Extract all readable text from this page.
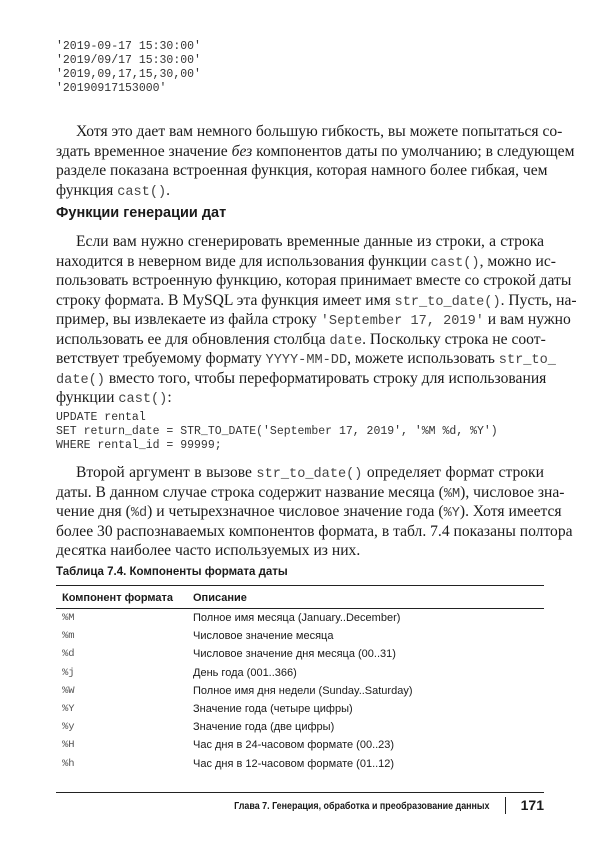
'2019-09-17 15:30:00'
'2019/09/17 15:30:00'
'2019,09,17,15,30,00'
'20190917153000'
Хотя это дает вам немного большую гибкость, вы можете попытаться со-
здать временное значение без компонентов даты по умолчанию; в следующем
разделе показана встроенная функция, которая намного более гибкая, чем
функция cast().
Функции генерации дат
Если вам нужно сгенерировать временные данные из строки, а строка
находится в неверном виде для использования функции cast(), можно ис-
пользовать встроенную функцию, которая принимает вместе со строкой даты
строку формата. В MySQL эта функция имеет имя str_to_date(). Пусть, на-
пример, вы извлекаете из файла строку 'September 17, 2019' и вам нужно
использовать ее для обновления столбца date. Поскольку строка не соот-
ветствует требуемому формату YYYY-MM-DD, можете использовать str_to_
date() вместо того, чтобы переформатировать строку для использования
функции cast():
UPDATE rental
SET return_date = STR_TO_DATE('September 17, 2019', '%M %d, %Y')
WHERE rental_id = 99999;
Второй аргумент в вызове str_to_date() определяет формат строки
даты. В данном случае строка содержит название месяца (%M), числовое зна-
чение дня (%d) и четырехзначное числовое значение года (%Y). Хотя имеется
более 30 распознаваемых компонентов формата, в табл. 7.4 показаны полтора
десятка наиболее часто используемых из них.
Таблица 7.4. Компоненты формата даты
Компонент формата	Описание
%M	Полное имя месяца (January..December)
%m	Числовое значение месяца
%d	Числовое значение дня месяца (00..31)
%j	День года (001..366)
%W	Полное имя дня недели (Sunday..Saturday)
%Y	Значение года (четыре цифры)
%y	Значение года (две цифры)
%H	Час дня в 24-часовом формате (00..23)
%h	Час дня в 12-часовом формате (01..12)
Глава 7. Генерация, обработка и преобразование данных 171
